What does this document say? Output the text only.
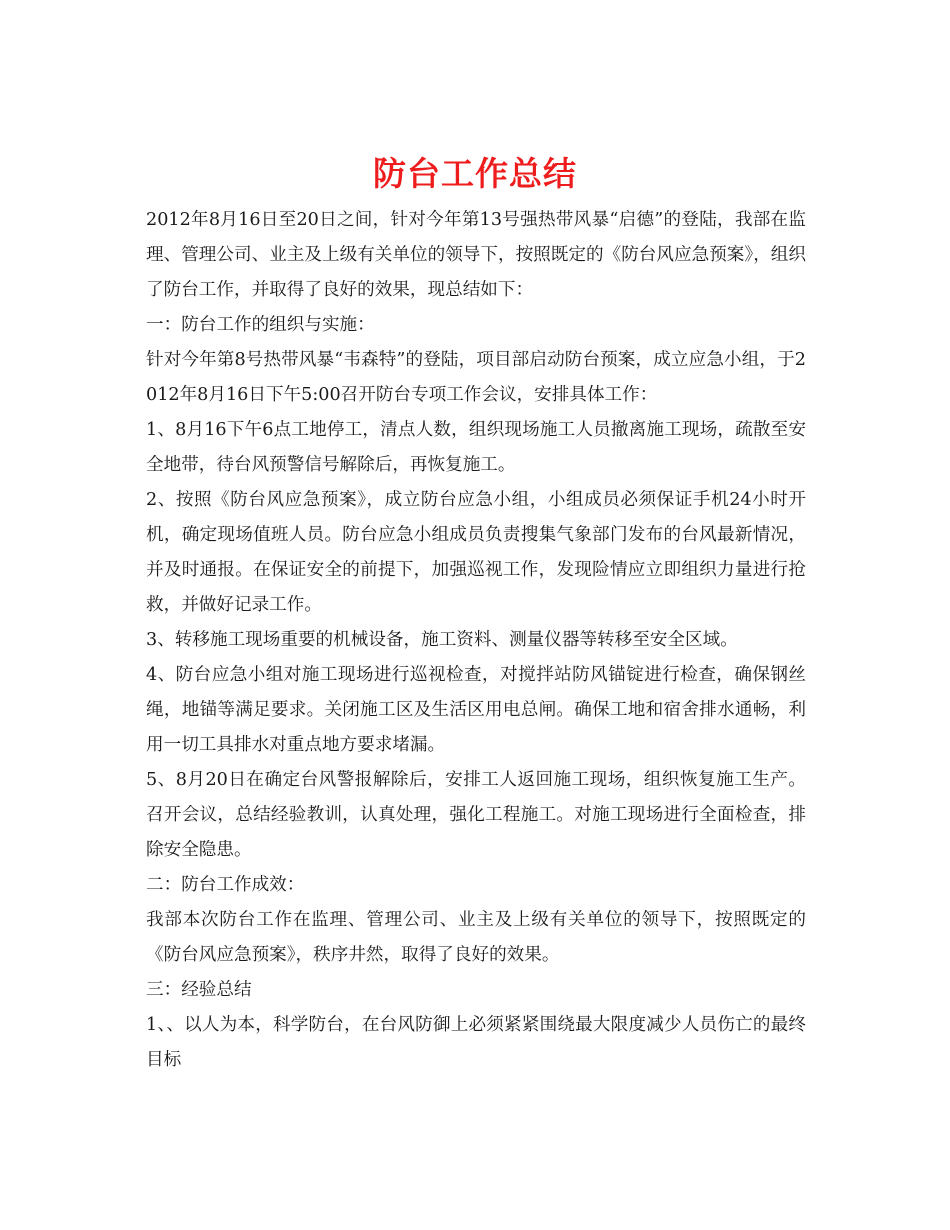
防台工作总结

2012年8月16日至20日之间，针对今年第13号强热带风暴“启德”的登陆，我部在监理、管理公司、业主及上级有关单位的领导下，按照既定的《防台风应急预案》，组织了防台工作，并取得了良好的效果，现总结如下：

一：防台工作的组织与实施：

针对今年第8号热带风暴“韦森特”的登陆，项目部启动防台预案，成立应急小组，于2012年8月16日下午5:00召开防台专项工作会议，安排具体工作：

1、8月16下午6点工地停工，清点人数，组织现场施工人员撤离施工现场，疏散至安全地带，待台风预警信号解除后，再恢复施工。

2、按照《防台风应急预案》，成立防台应急小组，小组成员必须保证手机24小时开机，确定现场值班人员。防台应急小组成员负责搜集气象部门发布的台风最新情况，并及时通报。在保证安全的前提下，加强巡视工作，发现险情应立即组织力量进行抢救，并做好记录工作。

3、转移施工现场重要的机械设备，施工资料、测量仪器等转移至安全区域。

4、防台应急小组对施工现场进行巡视检查，对搅拌站防风锚锭进行检查，确保钢丝绳，地锚等满足要求。关闭施工区及生活区用电总闸。确保工地和宿舍排水通畅，利用一切工具排水对重点地方要求堵漏。

5、8月20日在确定台风警报解除后，安排工人返回施工现场，组织恢复施工生产。召开会议，总结经验教训，认真处理，强化工程施工。对施工现场进行全面检查，排除安全隐患。

二：防台工作成效：

我部本次防台工作在监理、管理公司、业主及上级有关单位的领导下，按照既定的《防台风应急预案》，秩序井然，取得了良好的效果。

三：经验总结

1、、以人为本，科学防台，在台风防御上必须紧紧围绕最大限度减少人员伤亡的最终目标
